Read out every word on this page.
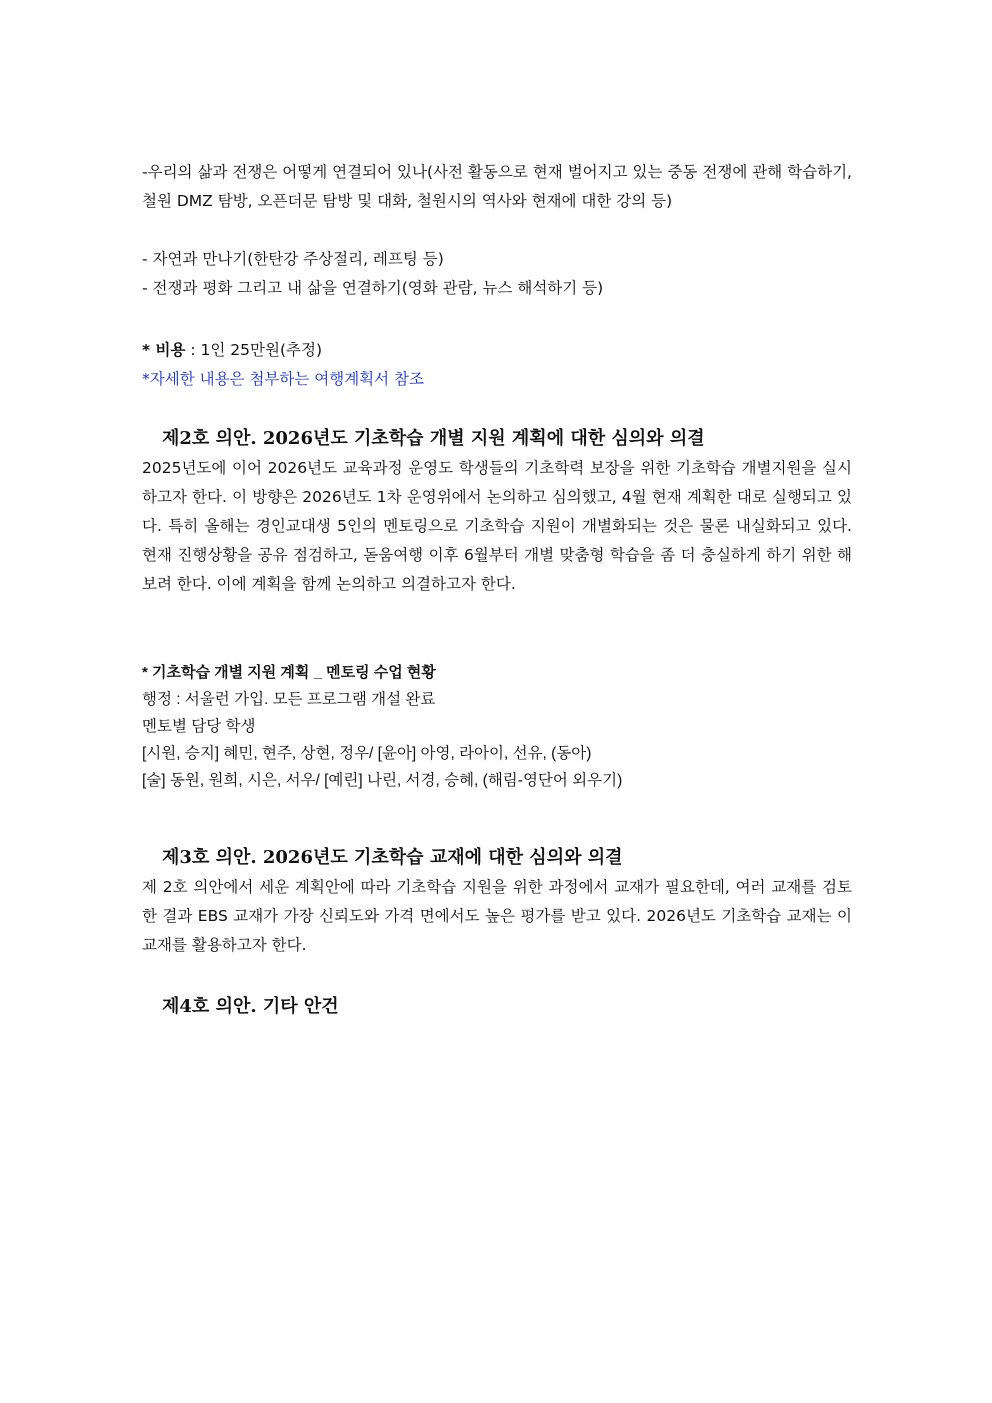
-우리의 삶과 전쟁은 어떻게 연결되어 있나(사전 활동으로 현재 벌어지고 있는 중동 전쟁에 관해 학습하기, 철원 DMZ 탐방, 오픈더문 탐방 및 대화, 철원시의 역사와 현재에 대한 강의 등)
- 자연과 만나기(한탄강 주상절리, 레프팅 등)
- 전쟁과 평화 그리고 내 삶을 연결하기(영화 관람, 뉴스 해석하기 등)
* 비용 : 1인 25만원(추정)
*자세한 내용은 첨부하는 여행계획서 참조
제2호 의안. 2026년도 기초학습 개별 지원 계획에 대한 심의와 의결
2025년도에 이어 2026년도 교육과정 운영도 학생들의 기초학력 보장을 위한 기초학습 개별지원을 실시하고자 한다. 이 방향은 2026년도 1차 운영위에서 논의하고 심의했고, 4월 현재 계획한 대로 실행되고 있다. 특히 올해는 경인교대생 5인의 멘토링으로 기초학습 지원이 개별화되는 것은 물론 내실화되고 있다. 현재 진행상황을 공유 점검하고, 돋움여행 이후 6월부터 개별 맞춤형 학습을 좀 더 충실하게 하기 위한 해보려 한다. 이에 계획을 함께 논의하고 의결하고자 한다.
* 기초학습 개별 지원 계획 _ 멘토링 수업 현황
행정 : 서울런 가입. 모든 프로그램 개설 완료
멘토별 담당 학생
[시원, 승지] 혜민, 현주, 상현, 정우/ [윤아] 아영, 라아이, 선유, (동아)
[술] 동원, 원희, 시은, 서우/ [예린] 나린, 서경, 승혜, (해림-영단어 외우기)
제3호 의안. 2026년도 기초학습 교재에 대한 심의와 의결
제 2호 의안에서 세운 계획안에 따라 기초학습 지원을 위한 과정에서 교재가 필요한데, 여러 교재를 검토한 결과 EBS 교재가 가장 신뢰도와 가격 면에서도 높은 평가를 받고 있다. 2026년도 기초학습 교재는 이 교재를 활용하고자 한다.
제4호 의안. 기타 안건
